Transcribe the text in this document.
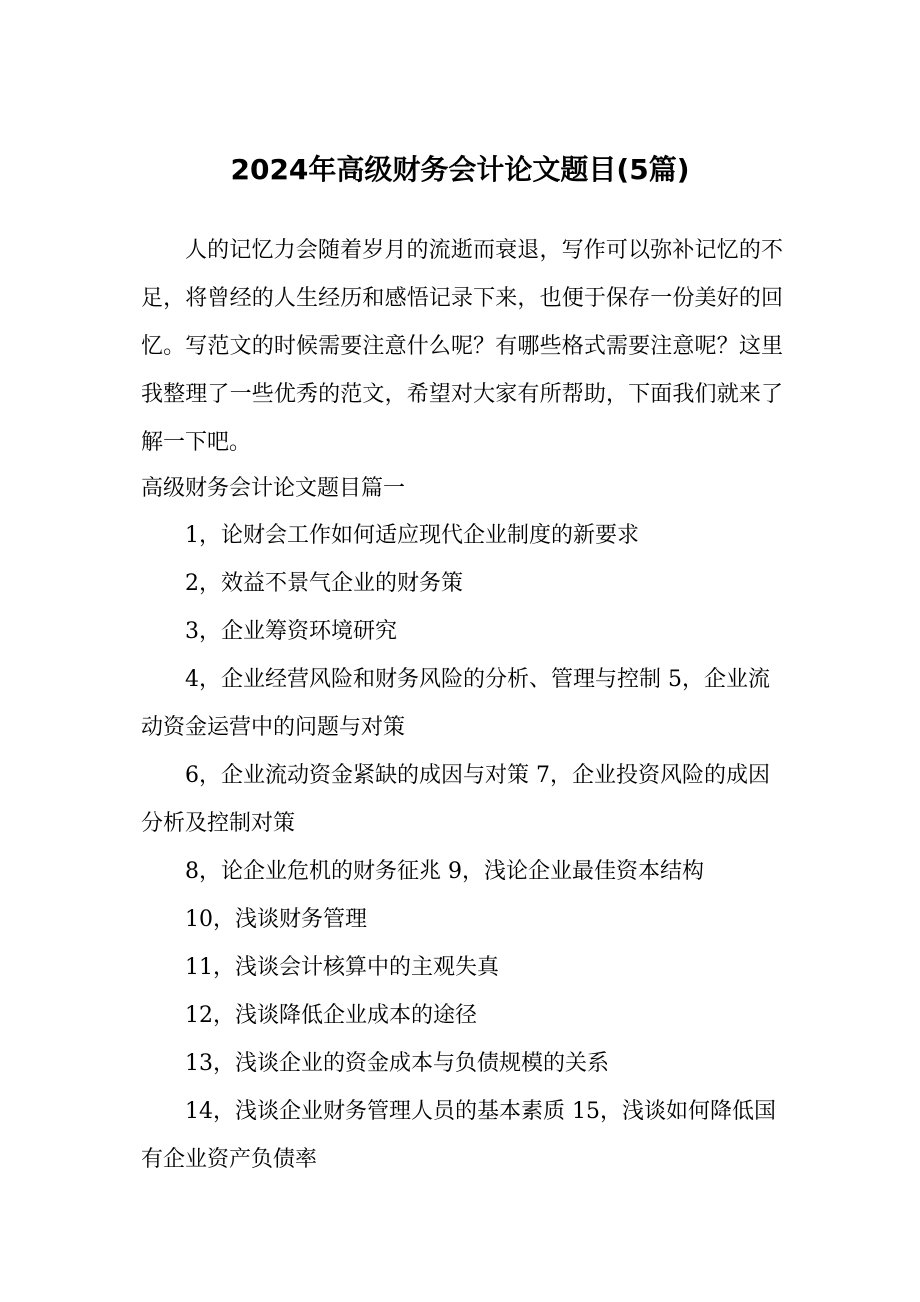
2024年高级财务会计论文题目(5篇)

人的记忆力会随着岁月的流逝而衰退，写作可以弥补记忆的不足，将曾经的人生经历和感悟记录下来，也便于保存一份美好的回忆。写范文的时候需要注意什么呢？有哪些格式需要注意呢？这里我整理了一些优秀的范文，希望对大家有所帮助，下面我们就来了解一下吧。

高级财务会计论文题目篇一

1，论财会工作如何适应现代企业制度的新要求

2，效益不景气企业的财务策

3，企业筹资环境研究

4，企业经营风险和财务风险的分析、管理与控制 5，企业流动资金运营中的问题与对策

6，企业流动资金紧缺的成因与对策 7，企业投资风险的成因分析及控制对策

8，论企业危机的财务征兆 9，浅论企业最佳资本结构

10，浅谈财务管理

11，浅谈会计核算中的主观失真

12，浅谈降低企业成本的途径

13，浅谈企业的资金成本与负债规模的关系

14，浅谈企业财务管理人员的基本素质 15，浅谈如何降低国有企业资产负债率
